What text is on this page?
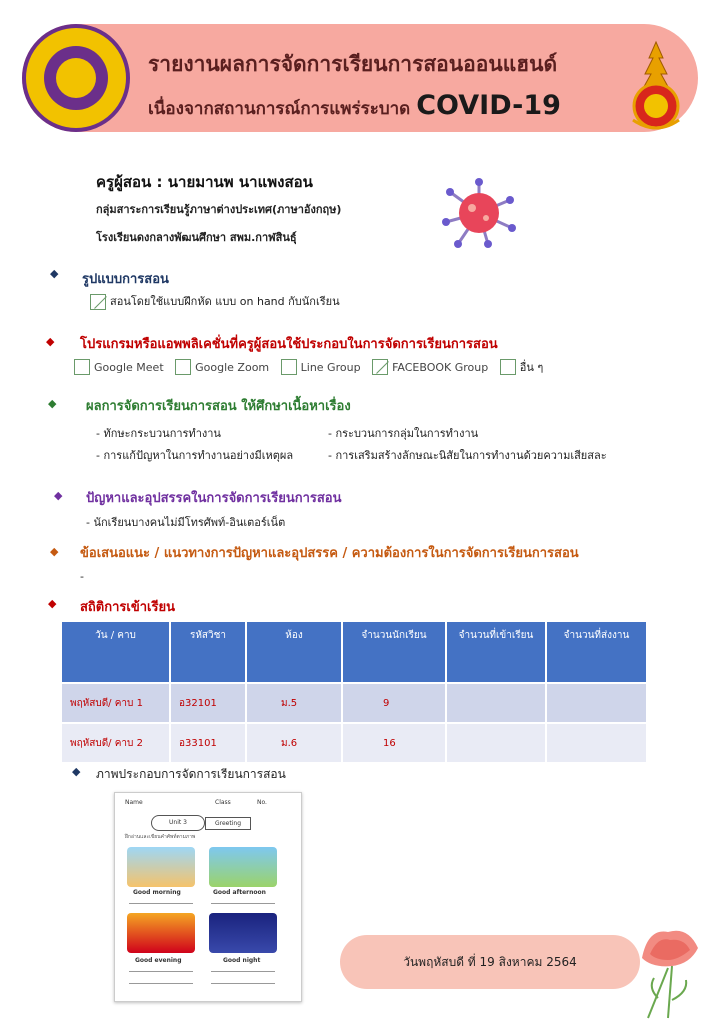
รายงานผลการจัดการเรียนการสอนออนแฮนด์
เนื่องจากสถานการณ์การแพร่ระบาด COVID-19
ครูผู้สอน : นายมานพ นาแพงสอน
กลุ่มสาระการเรียนรู้ภาษาต่างประเทศ(ภาษาอังกฤษ)
โรงเรียนดงกลางพัฒนศึกษา สพม.กาฬสินธุ์
◆ รูปแบบการสอน
สอนโดยใช้แบบฝึกหัด แบบ on hand กับนักเรียน
◆ โปรแกรมหรือแอพพลิเคชั่นที่ครูผู้สอนใช้ประกอบในการจัดการเรียนการสอน
Google Meet	Google Zoom	Line Group	FACEBOOK Group	อื่น ๆ
◆ ผลการจัดการเรียนการสอน ให้ศึกษาเนื้อหาเรื่อง
- ทักษะกระบวนการทำงาน	- กระบวนการกลุ่มในการทำงาน
- การแก้ปัญหาในการทำงานอย่างมีเหตุผล	- การเสริมสร้างลักษณะนิสัยในการทำงานด้วยความเสียสละ
◆ ปัญหาและอุปสรรคในการจัดการเรียนการสอน
- นักเรียนบางคนไม่มีโทรศัพท์-อินเตอร์เน็ต
◆ ข้อเสนอแนะ / แนวทางการปัญหาและอุปสรรค / ความต้องการในการจัดการเรียนการสอน
-
◆ สถิติการเข้าเรียน
วัน / คาบ	รหัสวิชา	ห้อง	จำนวนนักเรียน	จำนวนที่เข้าเรียน	จำนวนที่ส่งงาน
พฤหัสบดี/ คาบ 1	อ32101	ม.5	9		
พฤหัสบดี/ คาบ 2	อ33101	ม.6	16		
◆ ภาพประกอบการจัดการเรียนการสอน
Name	Class	No.
Unit 3	Greeting
ฝึกอ่านและเขียนคำศัพท์ตามภาพ
Good morning	Good afternoon
Good evening	Good night	วันพฤหัสบดี ที่ 19 สิงหาคม 2564
